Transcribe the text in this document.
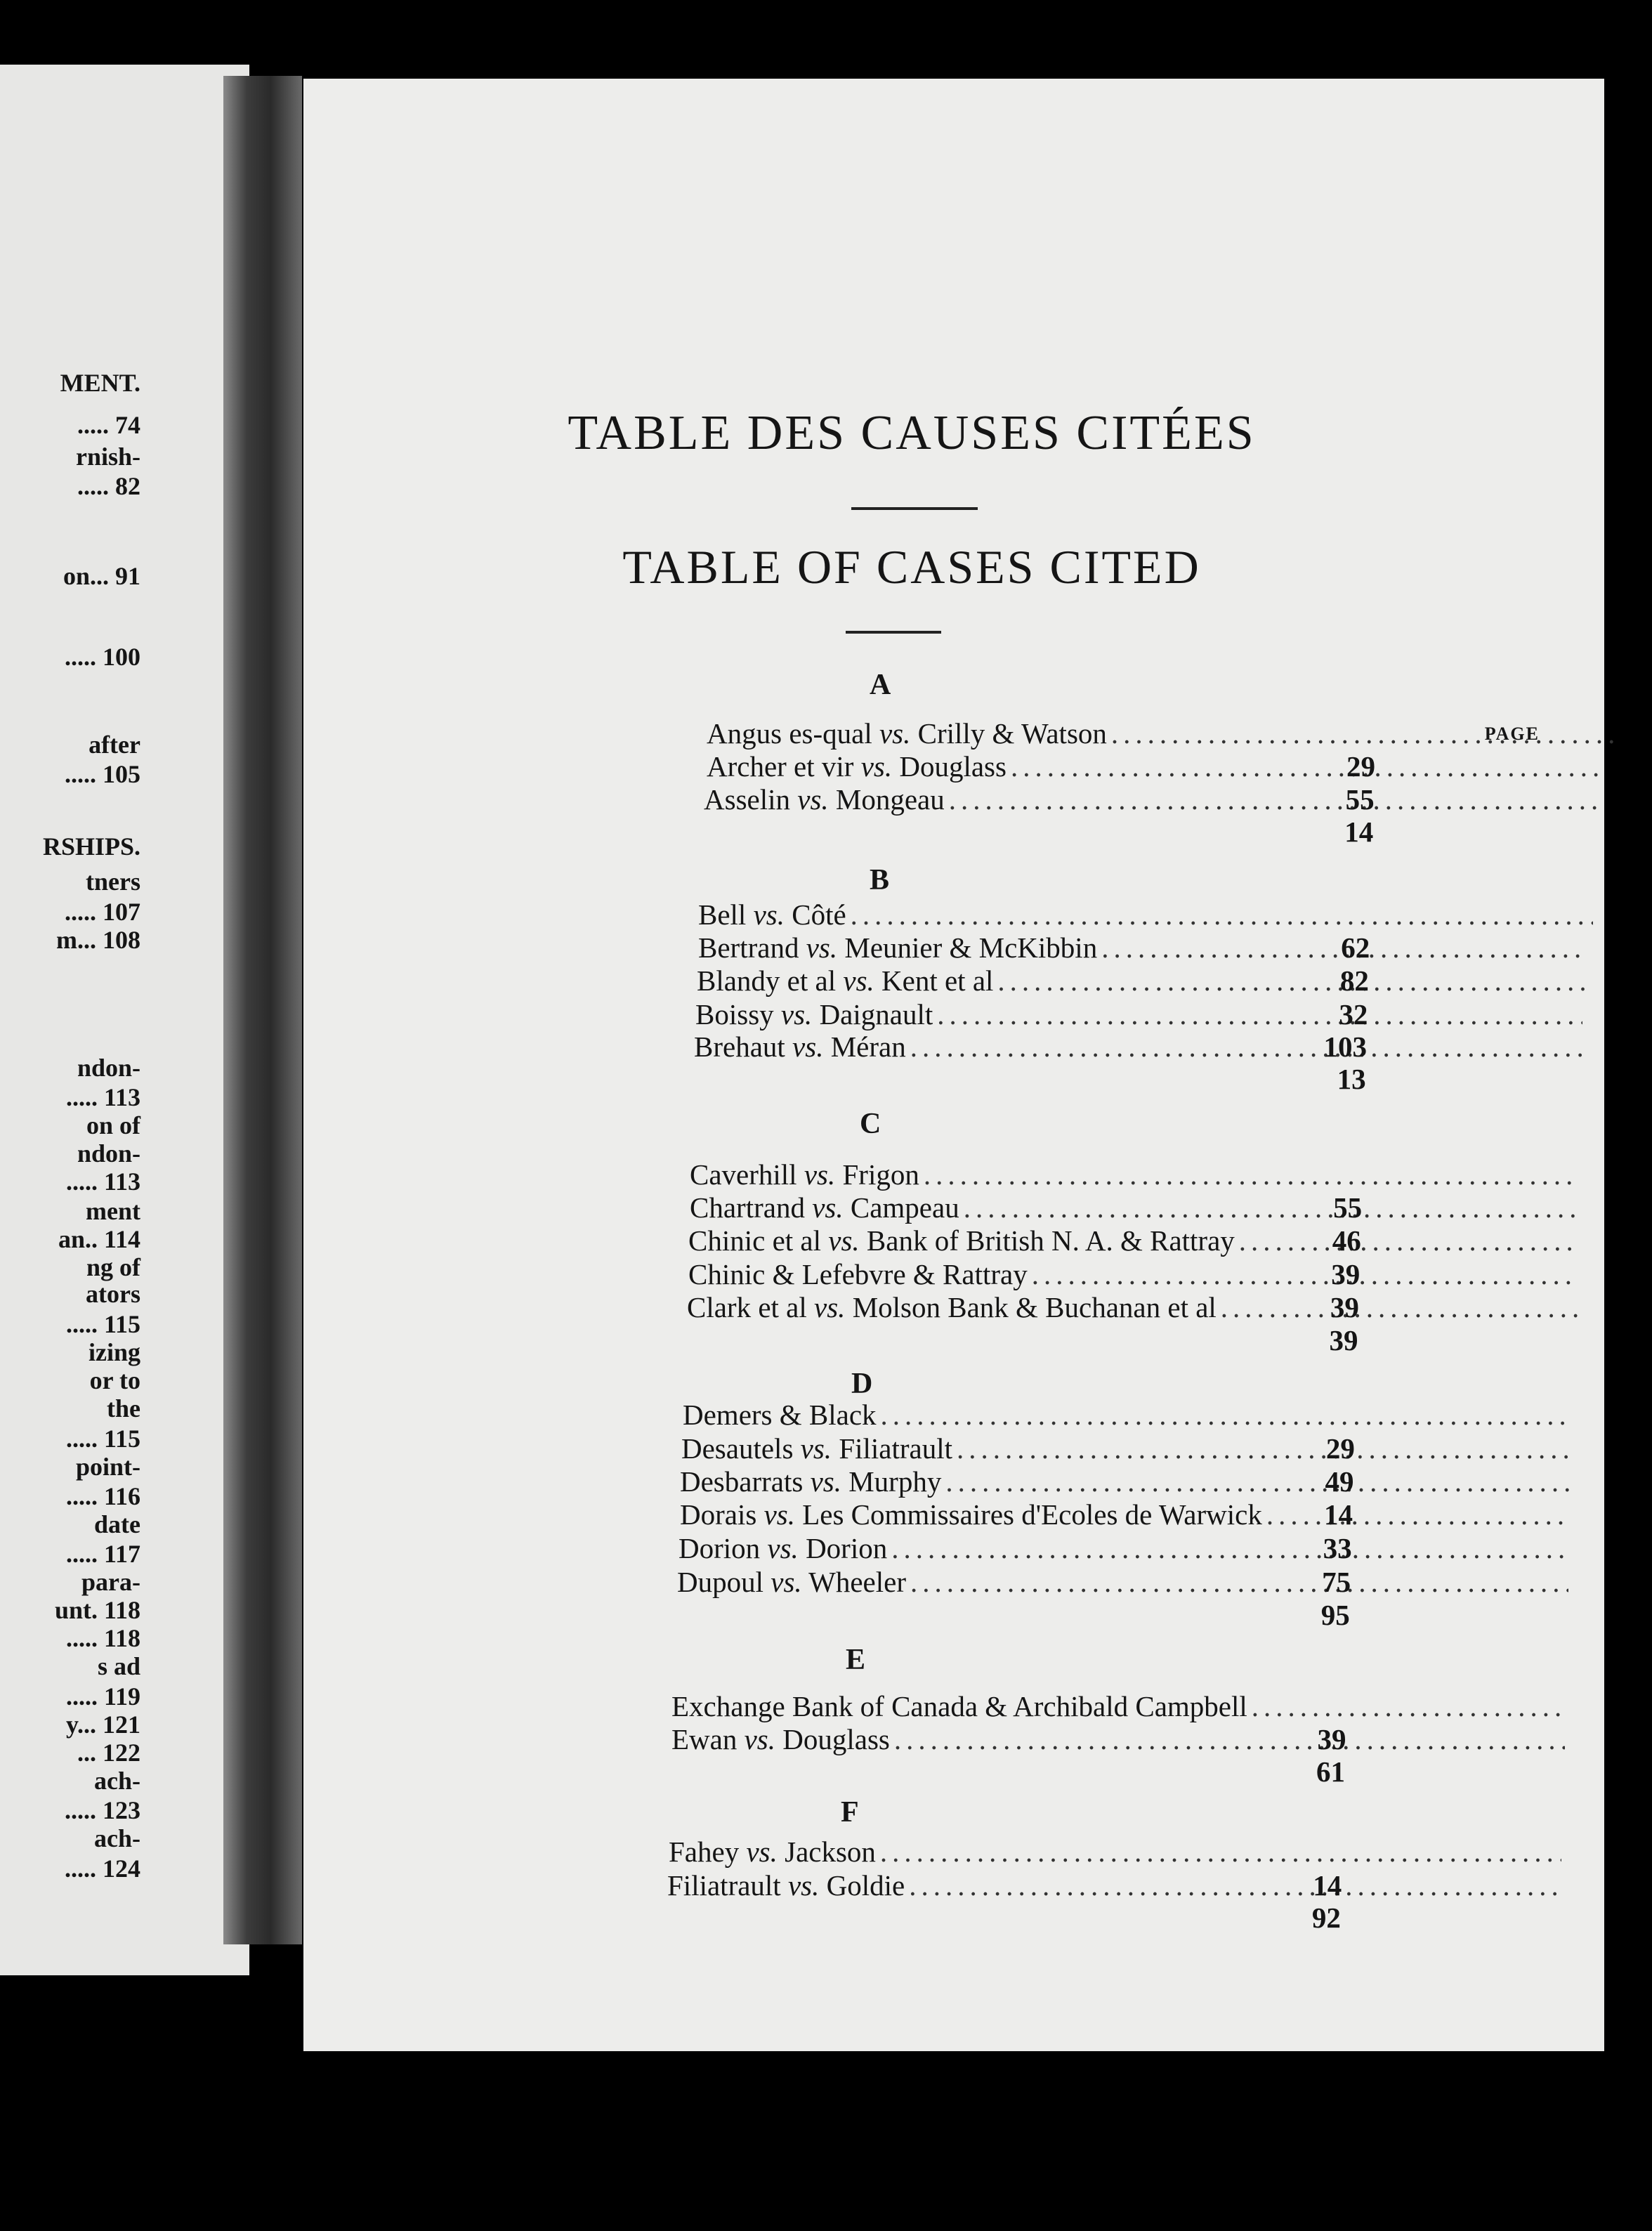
MENT.
..... 74
rnish-
..... 82
on... 91
..... 100
after
..... 105
RSHIPS.
tners
..... 107
m... 108
ndon-
..... 113
on of
ndon-
..... 113
ment
an.. 114
ng of
ators
..... 115
izing
or to
the
..... 115
point-
..... 116
date
..... 117
para-
unt. 118
..... 118
s ad
..... 119
y... 121
... 122
ach-
..... 123
ach-
..... 124
TABLE DES CAUSES CITÉES
TABLE OF CASES CITED
PAGE
A
Angus es-qual vs. Crilly & Watson
.....
Archer et vir vs. Douglass
.....
Asselin vs. Mongeau
.....
29
55
14
B
Bell vs. Côté
.....
Bertrand vs. Meunier & McKibbin
.....
Blandy et al vs. Kent et al
.....
Boissy vs. Daignault
.....
Brehaut vs. Méran
.....
62
82
32
103
13
C
Caverhill vs. Frigon
.....
Chartrand vs. Campeau
.....
Chinic et al vs. Bank of British N. A. & Rattray
.....
Chinic & Lefebvre & Rattray
.....
Clark et al vs. Molson Bank & Buchanan et al
.....
55
46
39
39
39
D
Demers & Black
.....
Desautels vs. Filiatrault
.....
Desbarrats vs. Murphy
.....
Dorais vs. Les Commissaires d'Ecoles de Warwick
.....
Dorion vs. Dorion
.....
Dupoul vs. Wheeler
.....
29
49
14
33
75
95
E
Exchange Bank of Canada & Archibald Campbell
.....
Ewan vs. Douglass .....	39
61
F
Fahey vs. Jackson
.....
Filiatrault vs. Goldie .....	14
92
